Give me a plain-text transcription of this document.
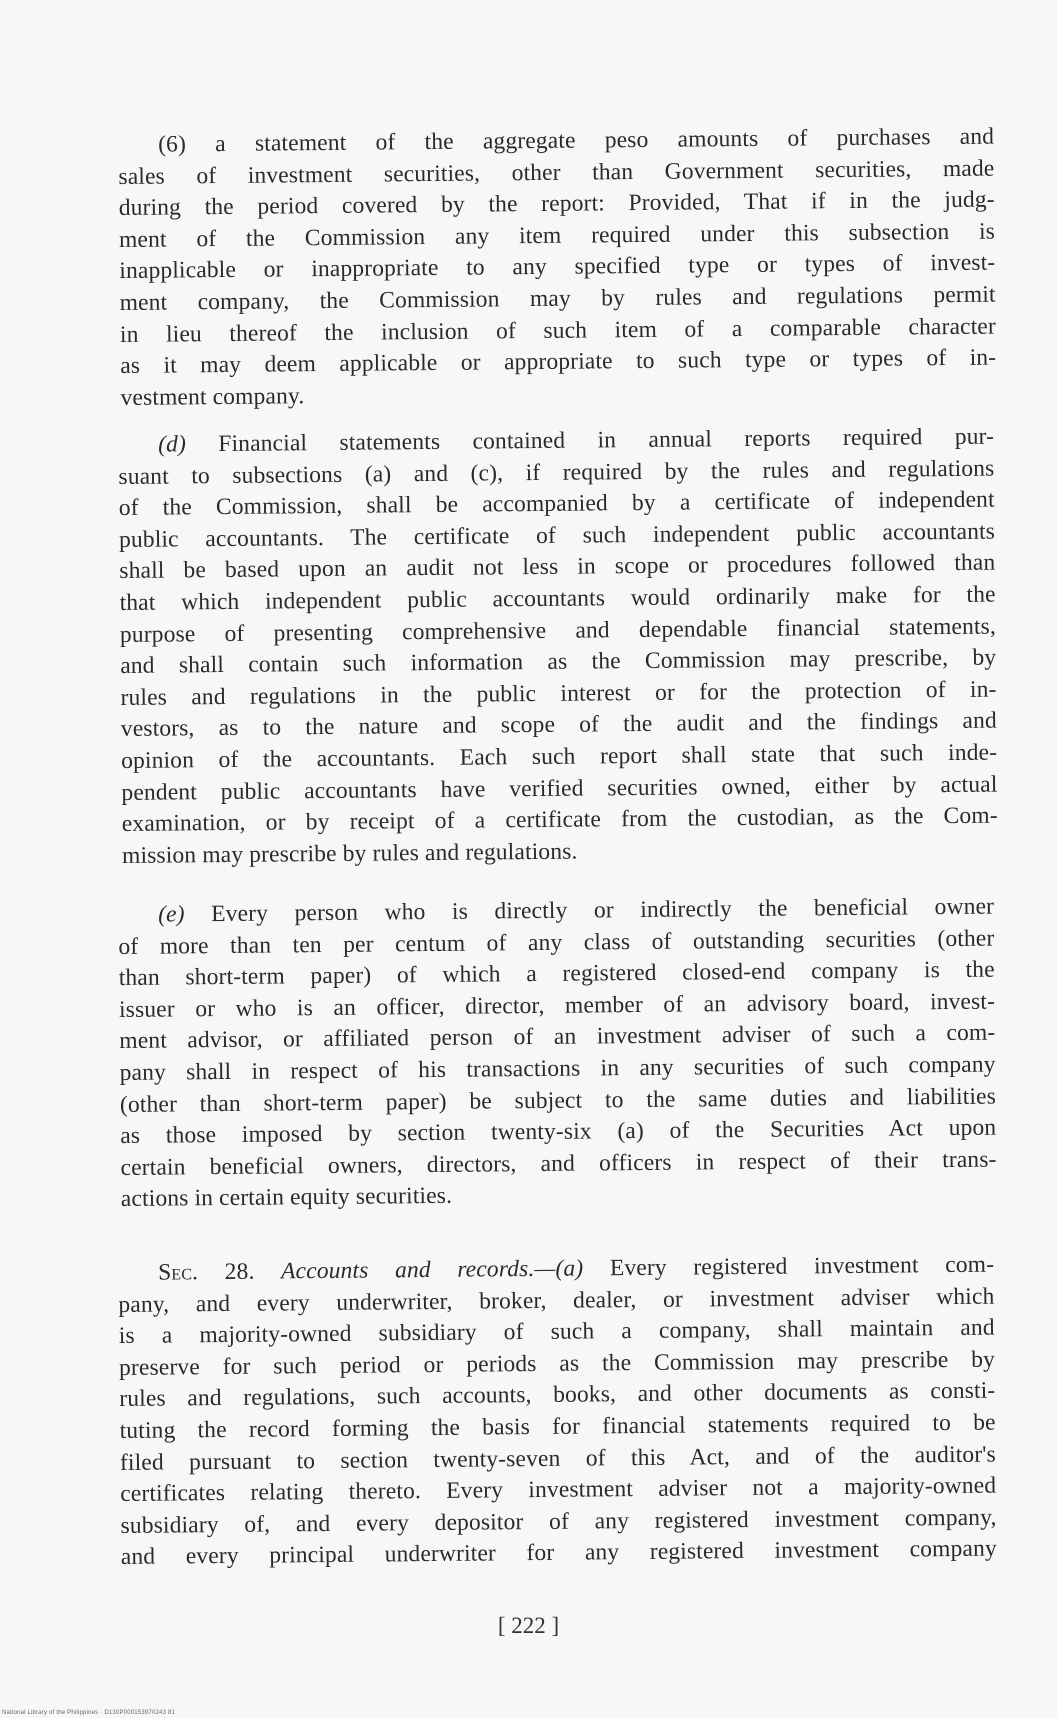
(6) a statement of the aggregate peso amounts of purchases and
sales of investment securities, other than Government securities, made
during the period covered by the report: Provided, That if in the judg-
ment of the Commission any item required under this subsection is
inapplicable or inappropriate to any specified type or types of invest-
ment company, the Commission may by rules and regulations permit
in lieu thereof the inclusion of such item of a comparable character
as it may deem applicable or appropriate to such type or types of in-
vestment company.

(d) Financial statements contained in annual reports required pur-
suant to subsections (a) and (c), if required by the rules and regulations
of the Commission, shall be accompanied by a certificate of independent
public accountants. The certificate of such independent public accountants
shall be based upon an audit not less in scope or procedures followed than
that which independent public accountants would ordinarily make for the
purpose of presenting comprehensive and dependable financial statements,
and shall contain such information as the Commission may prescribe, by
rules and regulations in the public interest or for the protection of in-
vestors, as to the nature and scope of the audit and the findings and
opinion of the accountants. Each such report shall state that such inde-
pendent public accountants have verified securities owned, either by actual
examination, or by receipt of a certificate from the custodian, as the Com-
mission may prescribe by rules and regulations.

(e) Every person who is directly or indirectly the beneficial owner
of more than ten per centum of any class of outstanding securities (other
than short-term paper) of which a registered closed-end company is the
issuer or who is an officer, director, member of an advisory board, invest-
ment advisor, or affiliated person of an investment adviser of such a com-
pany shall in respect of his transactions in any securities of such company
(other than short-term paper) be subject to the same duties and liabilities
as those imposed by section twenty-six (a) of the Securities Act upon
certain beneficial owners, directors, and officers in respect of their trans-
actions in certain equity securities.

Sec. 28. Accounts and records.—(a) Every registered investment com-
pany, and every underwriter, broker, dealer, or investment adviser which
is a majority-owned subsidiary of such a company, shall maintain and
preserve for such period or periods as the Commission may prescribe by
rules and regulations, such accounts, books, and other documents as consti-
tuting the record forming the basis for financial statements required to be
filed pursuant to section twenty-seven of this Act, and of the auditor's
certificates relating thereto. Every investment adviser not a majority-owned
subsidiary of, and every depositor of any registered investment company,
and every principal underwriter for any registered investment company

[ 222 ]
National Library of the Philippines · D130P000153970243 81
